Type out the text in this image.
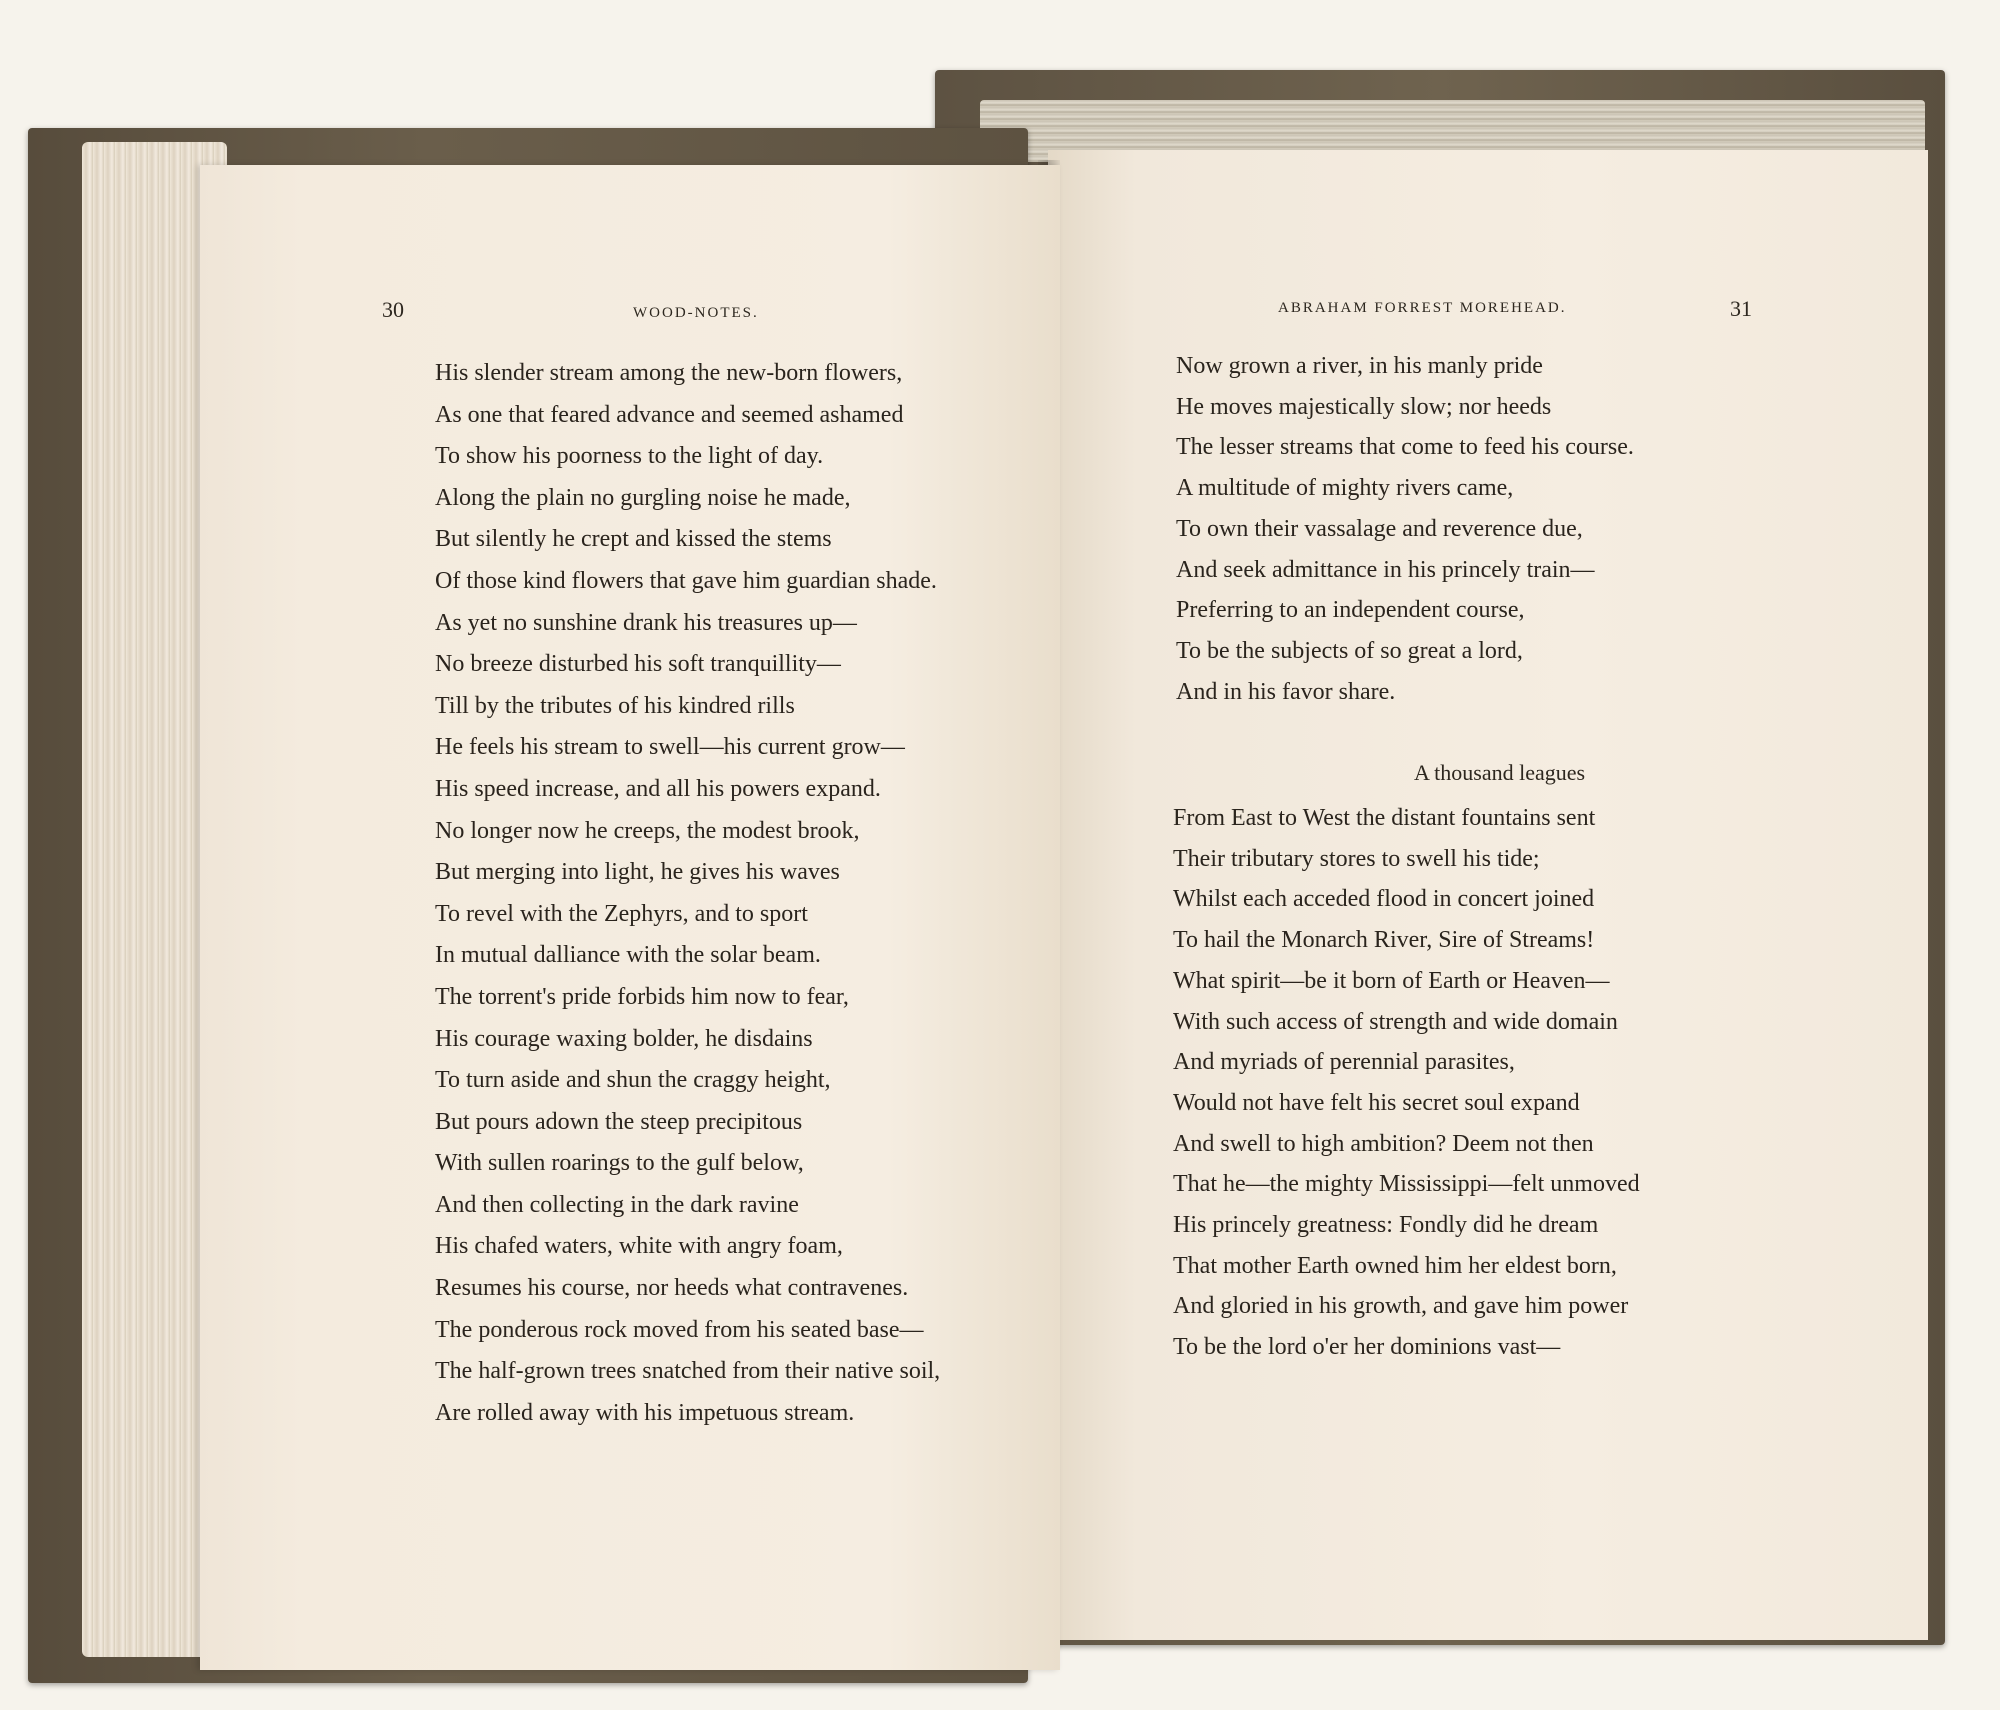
ABRAHAM FORREST MOREHEAD.	31
Now grown a river, in his manly pride
He moves majestically slow; nor heeds
The lesser streams that come to feed his course.
A multitude of mighty rivers came,
To own their vassalage and reverence due,
And seek admittance in his princely train—
Preferring to an independent course,
To be the subjects of so great a lord,
And in his favor share.
A thousand leagues
From East to West the distant fountains sent
Their tributary stores to swell his tide;
Whilst each acceded flood in concert joined
To hail the Monarch River, Sire of Streams!
What spirit—be it born of Earth or Heaven—
With such access of strength and wide domain
And myriads of perennial parasites,
Would not have felt his secret soul expand
And swell to high ambition? Deem not then
That he—the mighty Mississippi—felt unmoved
His princely greatness: Fondly did he dream
That mother Earth owned him her eldest born,
And gloried in his growth, and gave him power
To be the lord o'er her dominions vast—
30	WOOD-NOTES.
His slender stream among the new-born flowers,
As one that feared advance and seemed ashamed
To show his poorness to the light of day.
Along the plain no gurgling noise he made,
But silently he crept and kissed the stems
Of those kind flowers that gave him guardian shade.
As yet no sunshine drank his treasures up—
No breeze disturbed his soft tranquillity—
Till by the tributes of his kindred rills
He feels his stream to swell—his current grow—
His speed increase, and all his powers expand.
No longer now he creeps, the modest brook,
But merging into light, he gives his waves
To revel with the Zephyrs, and to sport
In mutual dalliance with the solar beam.
The torrent's pride forbids him now to fear,
His courage waxing bolder, he disdains
To turn aside and shun the craggy height,
But pours adown the steep precipitous
With sullen roarings to the gulf below,
And then collecting in the dark ravine
His chafed waters, white with angry foam,
Resumes his course, nor heeds what contravenes.
The ponderous rock moved from his seated base—
The half-grown trees snatched from their native soil,
Are rolled away with his impetuous stream.
